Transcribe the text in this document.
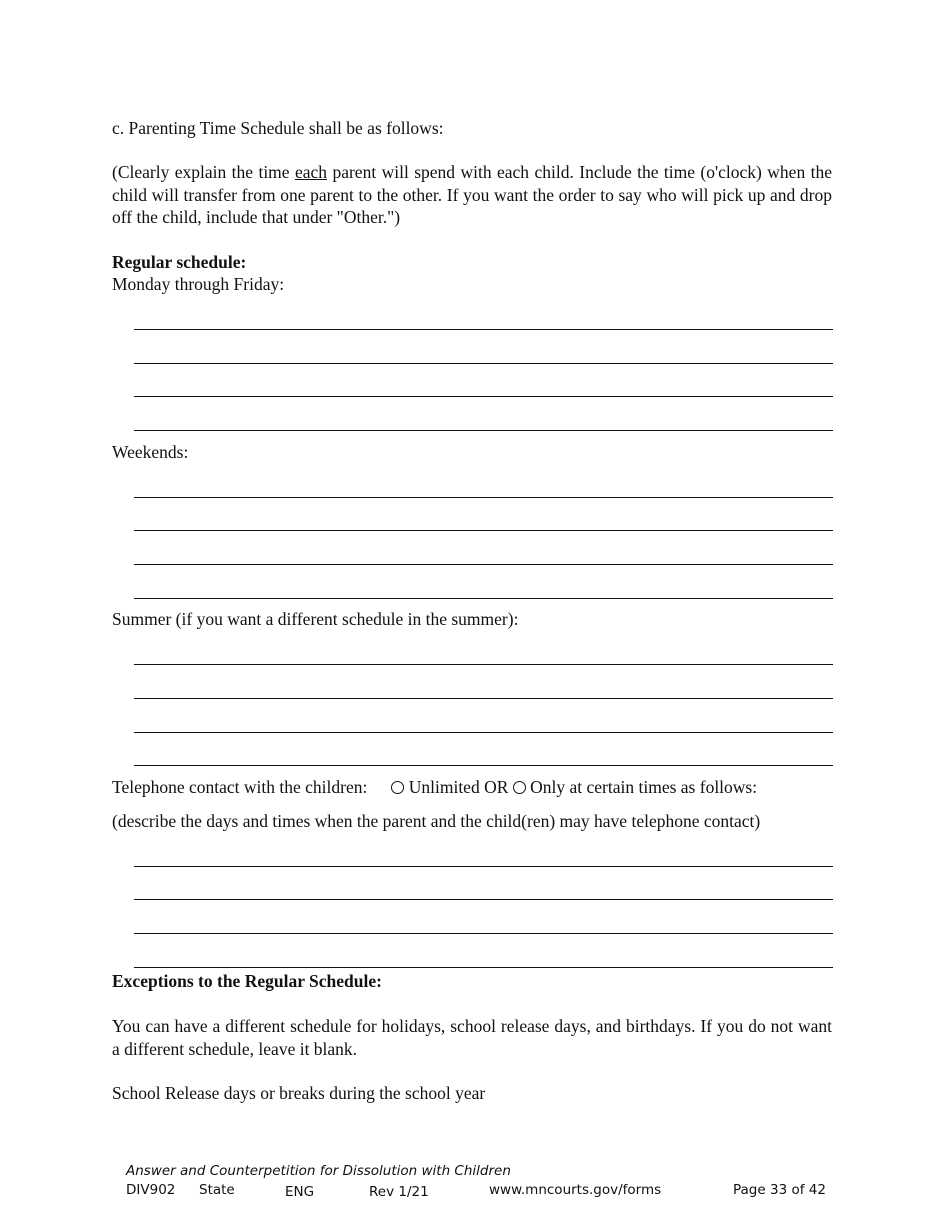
c. Parenting Time Schedule shall be as follows:

(Clearly explain the time each parent will spend with each child. Include the time (o'clock) when the child will transfer from one parent to the other. If you want the order to say who will pick up and drop off the child, include that under "Other.")

Regular schedule:

Monday through Friday:

Weekends:

Summer (if you want a different schedule in the summer):

Telephone contact with the children: Unlimited OR Only at certain times as follows:

(describe the days and times when the parent and the child(ren) may have telephone contact)

Exceptions to the Regular Schedule:

You can have a different schedule for holidays, school release days, and birthdays. If you do not want a different schedule, leave it blank.

School Release days or breaks during the school year

Answer and Counterpetition for Dissolution with Children
DIV902 State	ENG	Rev 1/21	www.mncourts.gov/forms	Page 33 of 42
